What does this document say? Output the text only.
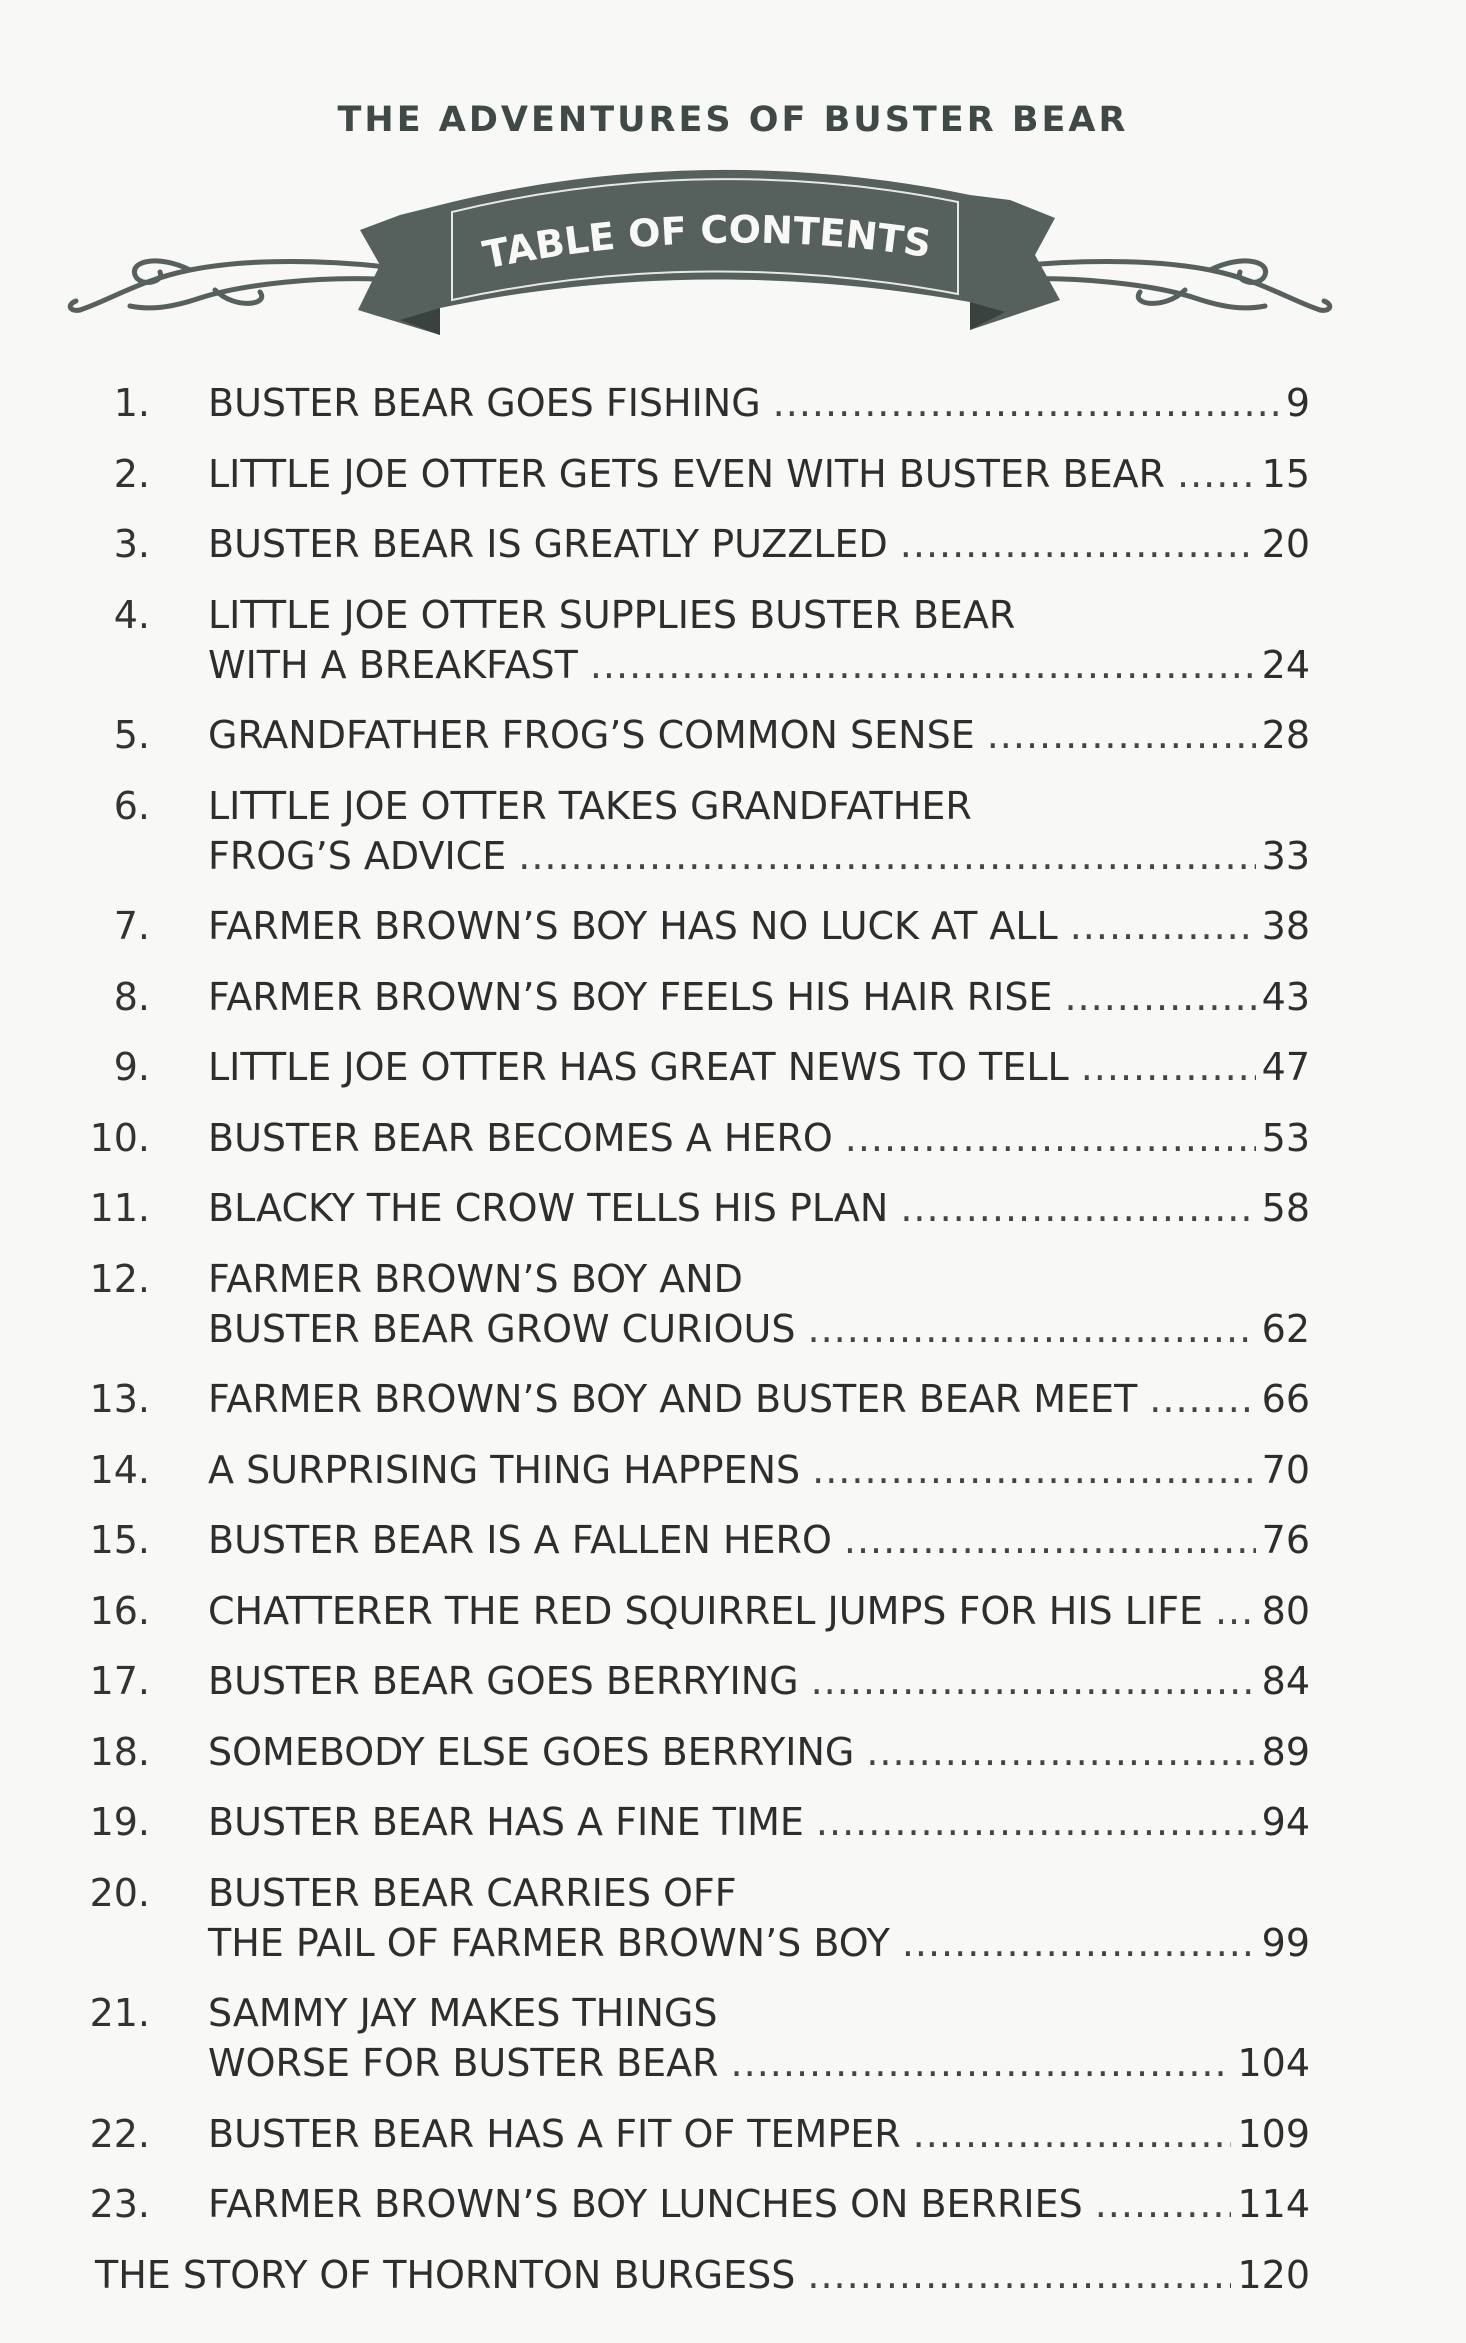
THE ADVENTURES OF BUSTER BEAR
TABLE OF CONTENTS
1. BUSTER BEAR GOES FISHING .....	9
2. LITTLE JOE OTTER GETS EVEN WITH BUSTER BEAR .....	15
3. BUSTER BEAR IS GREATLY PUZZLED .....	20
4. LITTLE JOE OTTER SUPPLIES BUSTER BEAR
WITH A BREAKFAST .....	24
5. GRANDFATHER FROG’S COMMON SENSE .....	28
6. LITTLE JOE OTTER TAKES GRANDFATHER
FROG’S ADVICE .....	33
7. FARMER BROWN’S BOY HAS NO LUCK AT ALL .....	38
8. FARMER BROWN’S BOY FEELS HIS HAIR RISE .....	43
9. LITTLE JOE OTTER HAS GREAT NEWS TO TELL .....	47
10. BUSTER BEAR BECOMES A HERO .....	53
11. BLACKY THE CROW TELLS HIS PLAN .....	58
12. FARMER BROWN’S BOY AND
BUSTER BEAR GROW CURIOUS .....	62
13. FARMER BROWN’S BOY AND BUSTER BEAR MEET .....	66
14. A SURPRISING THING HAPPENS .....	70
15. BUSTER BEAR IS A FALLEN HERO .....	76
16. CHATTERER THE RED SQUIRREL JUMPS FOR HIS LIFE ..... 80
17. BUSTER BEAR GOES BERRYING .....	84
18. SOMEBODY ELSE GOES BERRYING .....	89
19. BUSTER BEAR HAS A FINE TIME .....	94
20. BUSTER BEAR CARRIES OFF
THE PAIL OF FARMER BROWN’S BOY .....	99
21. SAMMY JAY MAKES THINGS
WORSE FOR BUSTER BEAR .....	104
22. BUSTER BEAR HAS A FIT OF TEMPER .....	109
23. FARMER BROWN’S BOY LUNCHES ON BERRIES .....	114
THE STORY OF THORNTON BURGESS .....	120
